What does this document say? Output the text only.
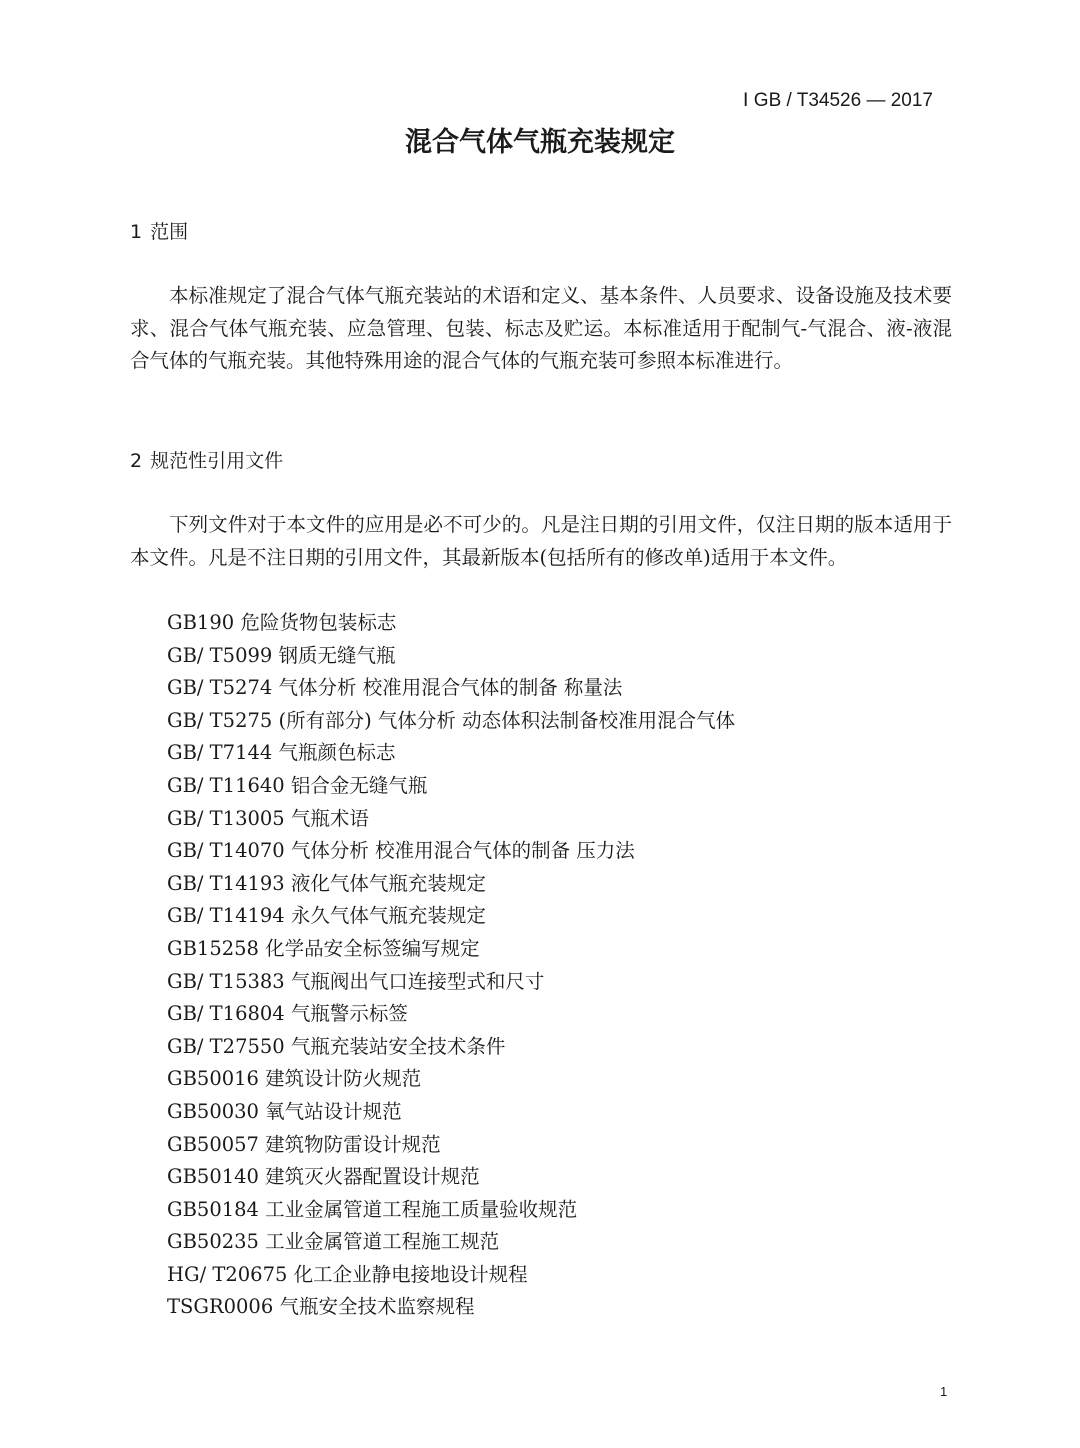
Ⅰ GB / T34526 — 2017
混合气体气瓶充装规定
1 范围

本标准规定了混合气体气瓶充装站的术语和定义、基本条件、人员要求、设备设施及技术要求、混合气体气瓶充装、应急管理、包装、标志及贮运。本标准适用于配制气-气混合、液-液混合气体的气瓶充装。其他特殊用途的混合气体的气瓶充装可参照本标准进行。

2 规范性引用文件

下列文件对于本文件的应用是必不可少的。凡是注日期的引用文件，仅注日期的版本适用于本文件。凡是不注日期的引用文件，其最新版本(包括所有的修改单)适用于本文件。

GB190 危险货物包装标志
GB/ T5099 钢质无缝气瓶
GB/ T5274 气体分析 校准用混合气体的制备 称量法
GB/ T5275 (所有部分) 气体分析 动态体积法制备校准用混合气体
GB/ T7144 气瓶颜色标志
GB/ T11640 铝合金无缝气瓶
GB/ T13005 气瓶术语
GB/ T14070 气体分析 校准用混合气体的制备 压力法
GB/ T14193 液化气体气瓶充装规定
GB/ T14194 永久气体气瓶充装规定
GB15258 化学品安全标签编写规定
GB/ T15383 气瓶阀出气口连接型式和尺寸
GB/ T16804 气瓶警示标签
GB/ T27550 气瓶充装站安全技术条件
GB50016 建筑设计防火规范
GB50030 氧气站设计规范
GB50057 建筑物防雷设计规范
GB50140 建筑灭火器配置设计规范
GB50184 工业金属管道工程施工质量验收规范
GB50235 工业金属管道工程施工规范
HG/ T20675 化工企业静电接地设计规程
TSGR0006 气瓶安全技术监察规程
1
